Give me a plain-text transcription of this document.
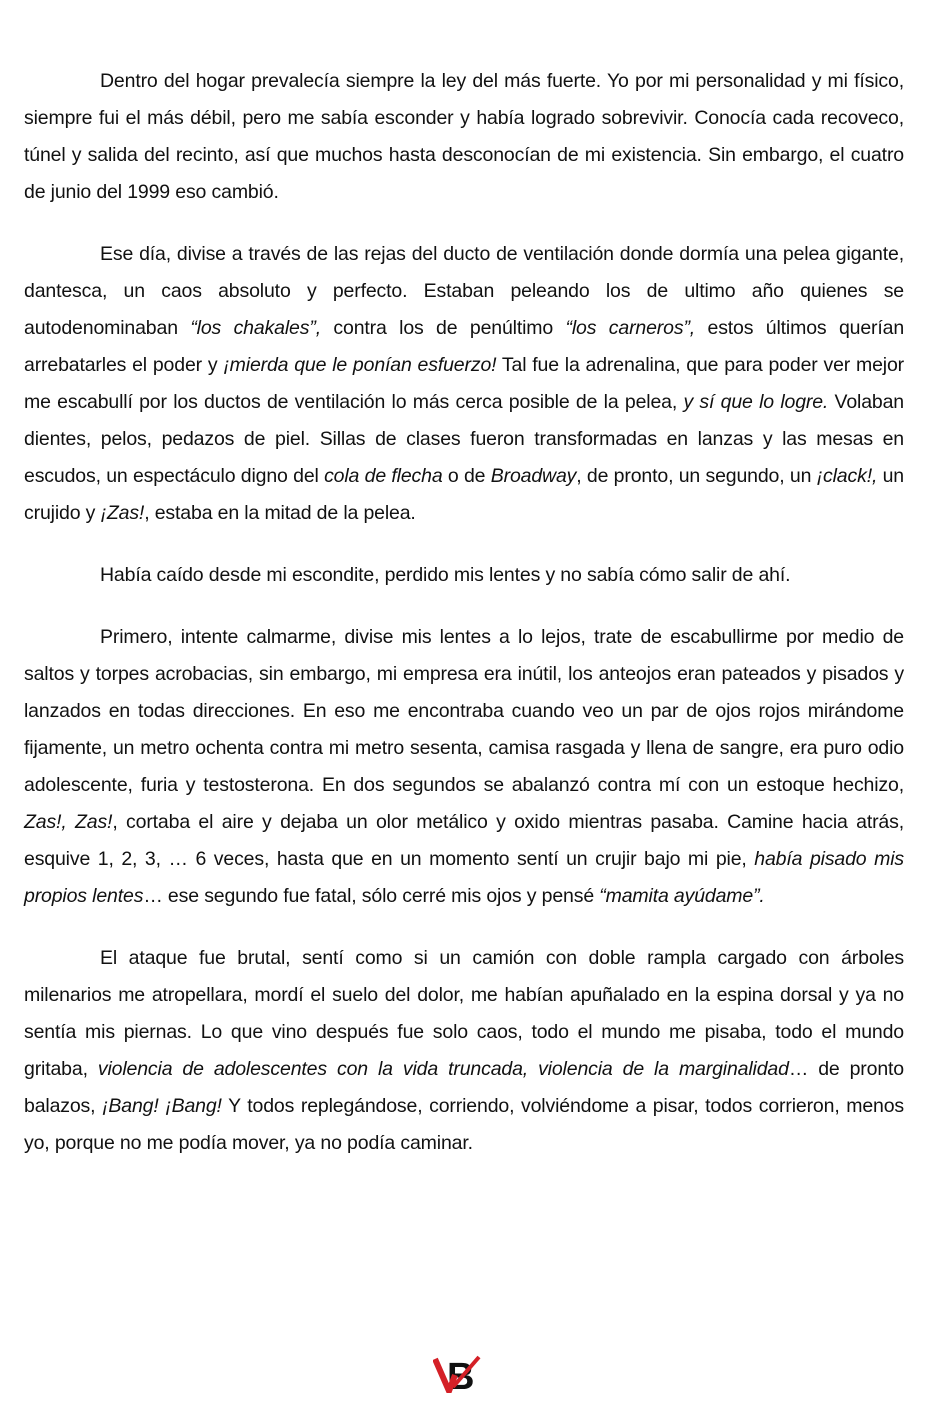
Dentro del hogar prevalecía siempre la ley del más fuerte. Yo por mi personalidad y mi físico, siempre fui el más débil, pero me sabía esconder y había logrado sobrevivir. Conocía cada recoveco, túnel y salida del recinto, así que muchos hasta desconocían de mi existencia. Sin embargo, el cuatro de junio del 1999 eso cambió.

Ese día, divise a través de las rejas del ducto de ventilación donde dormía una pelea gigante, dantesca, un caos absoluto y perfecto. Estaban peleando los de ultimo año quienes se autodenominaban “los chakales”, contra los de penúltimo “los carneros”, estos últimos querían arrebatarles el poder y ¡mierda que le ponían esfuerzo! Tal fue la adrenalina, que para poder ver mejor me escabullí por los ductos de ventilación lo más cerca posible de la pelea, y sí que lo logre. Volaban dientes, pelos, pedazos de piel. Sillas de clases fueron transformadas en lanzas y las mesas en escudos, un espectáculo digno del cola de flecha o de Broadway, de pronto, un segundo, un ¡clack!, un crujido y ¡Zas!, estaba en la mitad de la pelea.

Había caído desde mi escondite, perdido mis lentes y no sabía cómo salir de ahí.

Primero, intente calmarme, divise mis lentes a lo lejos, trate de escabullirme por medio de saltos y torpes acrobacias, sin embargo, mi empresa era inútil, los anteojos eran pateados y pisados y lanzados en todas direcciones. En eso me encontraba cuando veo un par de ojos rojos mirándome fijamente, un metro ochenta contra mi metro sesenta, camisa rasgada y llena de sangre, era puro odio adolescente, furia y testosterona. En dos segundos se abalanzó contra mí con un estoque hechizo, Zas!, Zas!, cortaba el aire y dejaba un olor metálico y oxido mientras pasaba. Camine hacia atrás, esquive 1, 2, 3, … 6 veces, hasta que en un momento sentí un crujir bajo mi pie, había pisado mis propios lentes… ese segundo fue fatal, sólo cerré mis ojos y pensé “mamita ayúdame”.

El ataque fue brutal, sentí como si un camión con doble rampla cargado con árboles milenarios me atropellara, mordí el suelo del dolor, me habían apuñalado en la espina dorsal y ya no sentía mis piernas. Lo que vino después fue solo caos, todo el mundo me pisaba, todo el mundo gritaba, violencia de adolescentes con la vida truncada, violencia de la marginalidad… de pronto balazos, ¡Bang! ¡Bang! Y todos replegándose, corriendo, volviéndome a pisar, todos corrieron, menos yo, porque no me podía mover, ya no podía caminar.

B
